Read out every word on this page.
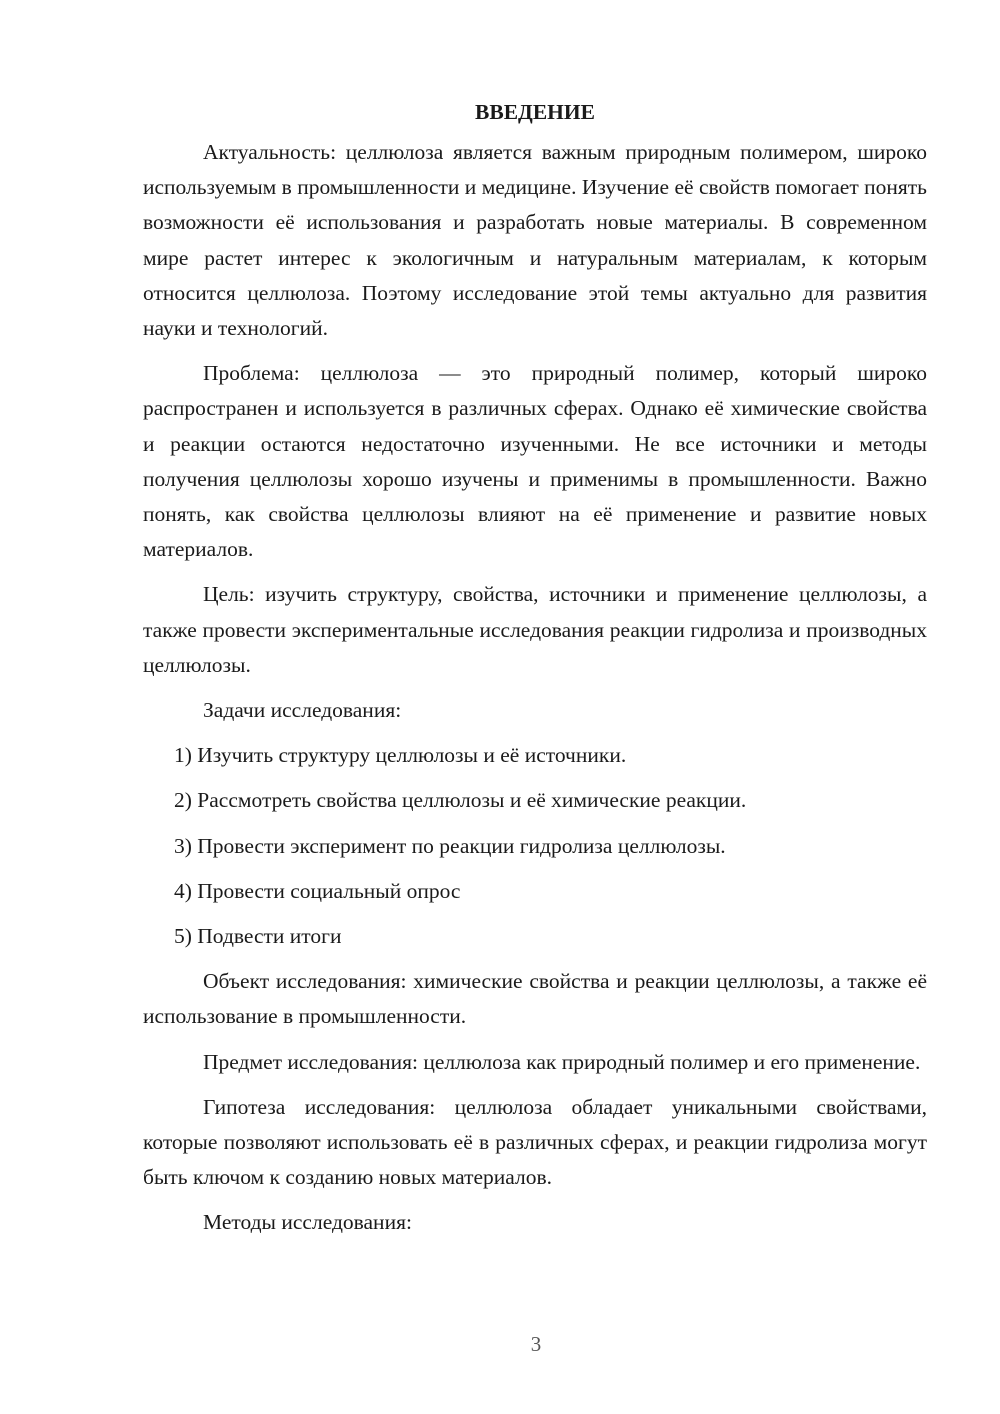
ВВЕДЕНИЕ

Актуальность: целлюлоза является важным природным полимером, широко используемым в промышленности и медицине. Изучение её свойств помогает понять возможности её использования и разработать новые материалы. В современном мире растет интерес к экологичным и натуральным материалам, к которым относится целлюлоза. Поэтому исследование этой темы актуально для развития науки и технологий.

Проблема: целлюлоза — это природный полимер, который широко распространен и используется в различных сферах. Однако её химические свойства и реакции остаются недостаточно изученными. Не все источники и методы получения целлюлозы хорошо изучены и применимы в промышленности. Важно понять, как свойства целлюлозы влияют на её применение и развитие новых материалов.

Цель: изучить структуру, свойства, источники и применение целлюлозы, а также провести экспериментальные исследования реакции гидролиза и производных целлюлозы.

Задачи исследования:

1) Изучить структуру целлюлозы и её источники.

2) Рассмотреть свойства целлюлозы и её химические реакции.

3) Провести эксперимент по реакции гидролиза целлюлозы.

4) Провести социальный опрос

5) Подвести итоги

Объект исследования: химические свойства и реакции целлюлозы, а также её использование в промышленности.

Предмет исследования: целлюлоза как природный полимер и его применение.

Гипотеза исследования: целлюлоза обладает уникальными свойствами, которые позволяют использовать её в различных сферах, и реакции гидролиза могут быть ключом к созданию новых материалов.

Методы исследования:

3
